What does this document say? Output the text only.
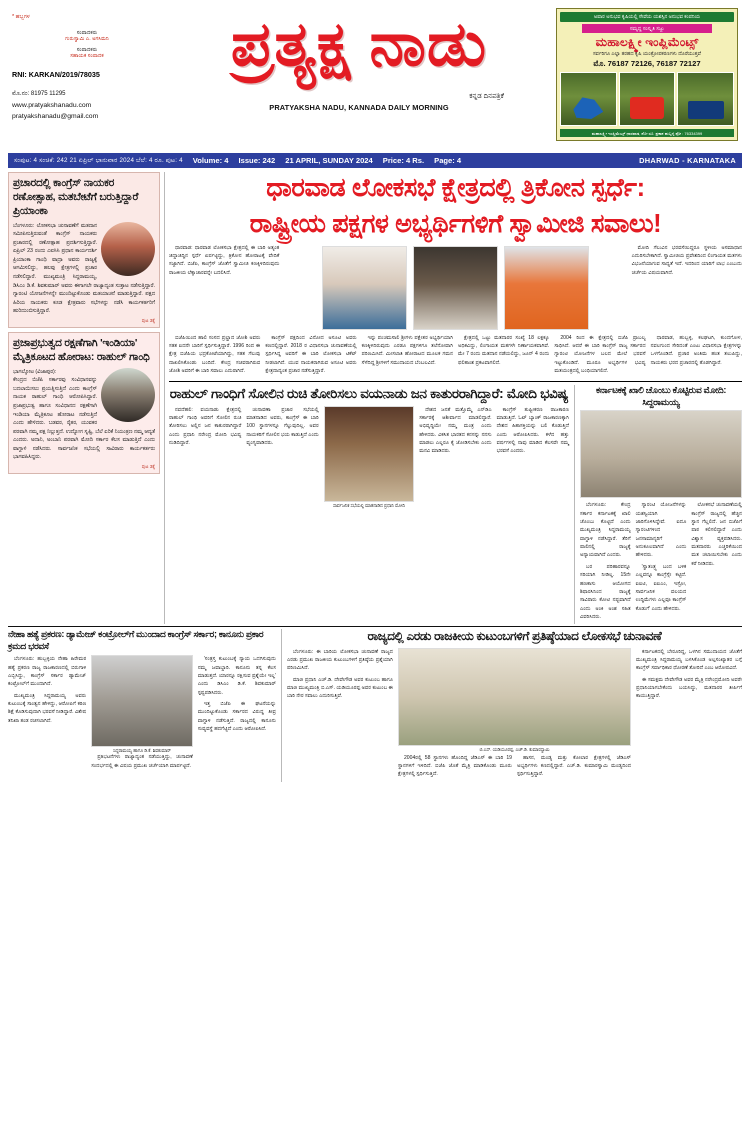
* ಹಬ್ಬಗಳ
ಸಂಪಾದಕರು
ಗುರುಸ್ವಾಮಿ ಎ. ಅಗಸಿಮನಿ
ಸಂಪಾದಕರು
ಸಹಾಯಕ ಸಂಪಾದಕ
RNI: KARKAN/2019/78035
ಮೊ.ನಂ: 81975 11295
www.pratyakshanadu.com
pratyakshanadu@gmail.com
ಪ್ರತ್ಯಕ್ಷ ನಾಡು
ಕನ್ನಡ ದಿನಪತ್ರಿಕೆ
PRATYAKSHA NADU, KANNADA DAILY MORNING
ಅಪಾರ ಅನುಭವ ಕೃಷಿಯಲ್ಲಿ ಸೇವೆಯ ಯಶಸ್ಸಿನ ಅನುಭವ ಕಂಪನಿಯ
ಸಮೃದ್ಧ ಸಂಸ್ಕೃತಿ ಸಜ್ಜು
ಮಹಾಲಕ್ಷ್ಮೀ ಇಂಪ್ಲಿಮೆಂಟ್ಸ್
ಸರ್ವರಿಗೂ ಎಲ್ಲಾ ತರಹದ ಕೃಷಿ ಯಂತ್ರೋಪಕರಣಗಳು ದೊರೆಯುತ್ತವೆ
ಮೊ. 76187 72126, 76187 72127
ಮಹಾಲಕ್ಷ್ಮೀ ಇಂಪ್ಲಿಮೆಂಟ್ಸ್ ಧಾರವಾಡ, ಶೋ ರೂ. ಪ್ರಕಾಶ ಹುಬ್ಬಳ್ಳಿ ಫೋ : 76334399
ಸಂಪುಟ: 4 ಸಂಚಿಕೆ: 242 21 ಏಪ್ರಿಲ್ ಭಾನುವಾರ 2024 ಬೆಲೆ: 4 ರೂ. ಪುಟ: 4 Volume: 4 Issue: 242 21 APRIL, SUNDAY 2024 Price: 4 Rs. Page: 4	DHARWAD - KARNATAKA
ಪ್ರಚಾರದಲ್ಲಿ ಕಾಂಗ್ರೆಸ್ ನಾಯಕರ ರಣೋತ್ಸಾಹ, ಮತಬೇಟೆಗೆ ಬರುತ್ತಿದ್ದಾರೆ ಪ್ರಿಯಾಂಕಾ
ಬೆಂಗಳೂರು: ಲೋಕಸಭಾ ಚುನಾವಣೆಗೆ ಮತದಾನ ಸಮೀಪಿಸುತ್ತಿರುವಂತೆ ಕಾಂಗ್ರೆಸ್ ನಾಯಕರು ಪ್ರಚಾರದಲ್ಲಿ ರಣೋತ್ಸಾಹ ಪ್ರದರ್ಶಿಸುತ್ತಿದ್ದಾರೆ. ಏಪ್ರಿಲ್ 23 ರಂದು ಎಐಸಿಸಿ ಪ್ರಧಾನ ಕಾರ್ಯದರ್ಶಿ ಪ್ರಿಯಾಂಕಾ ಗಾಂಧಿ ವಾದ್ರಾ ಅವರು ರಾಜ್ಯಕ್ಕೆ ಆಗಮಿಸಲಿದ್ದು, ಹಲವು ಕ್ಷೇತ್ರಗಳಲ್ಲಿ ಪ್ರಚಾರ ನಡೆಸಲಿದ್ದಾರೆ. ಮುಖ್ಯಮಂತ್ರಿ ಸಿದ್ದರಾಮಯ್ಯ, ಡಿಸಿಎಂ ಡಿ.ಕೆ. ಶಿವಕುಮಾರ್ ಅವರು ಈಗಾಗಲೇ ರಾಜ್ಯಾದ್ಯಂತ ಸುತ್ತಾಟ ನಡೆಸುತ್ತಿದ್ದಾರೆ. ಗ್ಯಾರಂಟಿ ಯೋಜನೆಗಳನ್ನೇ ಮುಂದಿಟ್ಟುಕೊಂಡು ಮತಯಾಚನೆ ಮಾಡುತ್ತಿದ್ದಾರೆ. ಪಕ್ಷದ ಹಿರಿಯ ನಾಯಕರು ಕೂಡ ಕ್ಷೇತ್ರವಾರು ಸಭೆಗಳನ್ನು ನಡೆಸಿ ಕಾರ್ಯಕರ್ತರಿಗೆ ಹುರಿದುಂಬಿಸುತ್ತಿದ್ದಾರೆ.
ಪುಟ 3ಕ್ಕೆ
ಪ್ರಜಾಪ್ರಭುತ್ವದ ರಕ್ಷಣೆಗಾಗಿ 'ಇಂಡಿಯಾ' ಮೈತ್ರಿಕೂಟದ ಹೋರಾಟ: ರಾಹುಲ್ ಗಾಂಧಿ
ಭಾಗಲ್ಕೋಟ (ವಿಜಾಪುರ):
ಕೇಂದ್ರದ ಬಿಜೆಪಿ ಸರ್ಕಾರವು ಸಂವಿಧಾನವನ್ನು ಬದಲಾಯಿಸಲು ಪ್ರಯತ್ನಿಸುತ್ತಿದೆ ಎಂದು ಕಾಂಗ್ರೆಸ್ ನಾಯಕ ರಾಹುಲ್ ಗಾಂಧಿ ಆರೋಪಿಸಿದ್ದಾರೆ. ಪ್ರಜಾಪ್ರಭುತ್ವ ಹಾಗೂ ಸಂವಿಧಾನದ ರಕ್ಷಣೆಗಾಗಿ ಇಂಡಿಯಾ ಮೈತ್ರಿಕೂಟ ಹೋರಾಟ ನಡೆಸುತ್ತಿದೆ ಎಂದು ಹೇಳಿದರು. ಬಡವರ, ರೈತರ, ಯುವಕರ ಪರವಾಗಿ ನಮ್ಮ ಪಕ್ಷ ನಿಲ್ಲುತ್ತದೆ. ಉದ್ಯೋಗ ಸೃಷ್ಟಿ, ಬೆಲೆ ಏರಿಕೆ ನಿಯಂತ್ರಣ ನಮ್ಮ ಆದ್ಯತೆ ಎಂದರು. ಅದಾನಿ, ಅಂಬಾನಿ ಪರವಾಗಿ ಮೋದಿ ಸರ್ಕಾರ ಕೆಲಸ ಮಾಡುತ್ತಿದೆ ಎಂದು ವಾಗ್ದಾಳಿ ನಡೆಸಿದರು. ಸಾರ್ವಜನಿಕ ಸಭೆಯಲ್ಲಿ ಸಾವಿರಾರು ಕಾರ್ಯಕರ್ತರು ಭಾಗವಹಿಸಿದ್ದರು.
ಪುಟ 3ಕ್ಕೆ
ಧಾರವಾಡ ಲೋಕಸಭೆ ಕ್ಷೇತ್ರದಲ್ಲಿ ತ್ರಿಕೋನ ಸ್ಪರ್ಧೆ:
ರಾಷ್ಟ್ರೀಯ ಪಕ್ಷಗಳ ಅಭ್ಯರ್ಥಿಗಳಿಗೆ ಸ್ವಾಮೀಜಿ ಸವಾಲು!

ಧಾರವಾಡ: ಧಾರವಾಡ ಲೋಕಸಭಾ ಕ್ಷೇತ್ರದಲ್ಲಿ ಈ ಬಾರಿ ಅತ್ಯಂತ ಜಿದ್ದಾಜಿದ್ದಿನ ಸ್ಪರ್ಧೆ ಏರ್ಪಟ್ಟಿದ್ದು, ತ್ರಿಕೋನ ಹೋರಾಟಕ್ಕೆ ವೇದಿಕೆ ಸಜ್ಜಾಗಿದೆ. ಬಿಜೆಪಿ, ಕಾಂಗ್ರೆಸ್ ಜೊತೆಗೆ ಸ್ವಾಮೀಜಿ ಕಣಕ್ಕಿಳಿದಿರುವುದು ರಾಜಕೀಯ ಲೆಕ್ಕಾಚಾರವನ್ನೇ ಬದಲಿಸಿದೆ.

ಮೋದಿ ಗೆಲುವಿನ ಭರವಸೆಯಿದ್ದರೂ ಸ್ಥಳೀಯ ಅಸಮಾಧಾನ ಎದುರಿಸಬೇಕಾಗಿದೆ. ಸ್ವಾಮೀಜಿಯ ಪ್ರವೇಶದಿಂದ ಲಿಂಗಾಯತ ಮತಗಳು ವಿಭಜನೆಯಾಗುವ ಸಾಧ್ಯತೆ ಇದೆ. ಇದರಿಂದ ಯಾರಿಗೆ ಲಾಭ ಎಂಬುದು ಚರ್ಚೆಯ ವಿಷಯವಾಗಿದೆ.

ಬಿಜೆಪಿಯಿಂದ ಹಾಲಿ ಸಂಸದ ಪ್ರಲ್ಹಾದ ಜೋಶಿ ಅವರು ಸತತ ಐದನೇ ಬಾರಿಗೆ ಸ್ಪರ್ಧಿಸುತ್ತಿದ್ದಾರೆ. 1996 ರಿಂದ ಈ ಕ್ಷೇತ್ರ ಬಿಜೆಪಿಯ ಭದ್ರಕೋಟೆಯಾಗಿದ್ದು, ಸತತ ಗೆಲುವು ದಾಖಲಿಸಿಕೊಂಡು ಬಂದಿದೆ. ಕೇಂದ್ರ ಸಚಿವರಾಗಿರುವ ಜೋಶಿ ಅವರಿಗೆ ಈ ಬಾರಿ ಸವಾಲು ಎದುರಾಗಿದೆ.

ಕಾಂಗ್ರೆಸ್ ಪಕ್ಷದಿಂದ ವಿನೋದ ಅಸೂಟಿ ಅವರು ಕಣದಲ್ಲಿದ್ದಾರೆ. 2018 ರ ವಿಧಾನಸಭಾ ಚುನಾವಣೆಯಲ್ಲಿ ಸ್ಪರ್ಧಿಸಿದ್ದ ಅವರಿಗೆ ಈ ಬಾರಿ ಲೋಕಸಭಾ ಟಿಕೆಟ್ ನೀಡಲಾಗಿದೆ. ಯುವ ನಾಯಕರಾಗಿರುವ ಅಸೂಟಿ ಅವರು ಕ್ಷೇತ್ರದಾದ್ಯಂತ ಪ್ರಚಾರ ನಡೆಸುತ್ತಿದ್ದಾರೆ.

ಇನ್ನು ಪಂಚಮಸಾಲಿ ಶ್ರೀಗಳು ಪಕ್ಷೇತರ ಅಭ್ಯರ್ಥಿಯಾಗಿ ಕಣಕ್ಕಿಳಿದಿರುವುದು ಎರಡೂ ಪಕ್ಷಗಳಿಗೂ ತಲೆನೋವಾಗಿ ಪರಿಣಮಿಸಿದೆ. ಮೀಸಲಾತಿ ಹೋರಾಟದ ಮೂಲಕ ಗಮನ ಸೆಳೆದಿದ್ದ ಶ್ರೀಗಳಿಗೆ ಸಮುದಾಯದ ಬೆಂಬಲವಿದೆ.

ಕ್ಷೇತ್ರದಲ್ಲಿ ಒಟ್ಟು ಮತದಾರರ ಸಂಖ್ಯೆ 18 ಲಕ್ಷಕ್ಕೂ ಅಧಿಕವಿದ್ದು, ಲಿಂಗಾಯತ ಮತಗಳೇ ನಿರ್ಣಾಯಕವಾಗಿವೆ. ಮೇ 7 ರಂದು ಮತದಾನ ನಡೆಯಲಿದ್ದು, ಜೂನ್ 4 ರಂದು ಫಲಿತಾಂಶ ಪ್ರಕಟವಾಗಲಿದೆ.

2004 ರಿಂದ ಈ ಕ್ಷೇತ್ರದಲ್ಲಿ ಬಿಜೆಪಿ ಪ್ರಾಬಲ್ಯ ಸಾಧಿಸಿದೆ. ಆದರೆ ಈ ಬಾರಿ ಕಾಂಗ್ರೆಸ್ ರಾಜ್ಯ ಸರ್ಕಾರದ ಗ್ಯಾರಂಟಿ ಯೋಜನೆಗಳ ಬಲದ ಮೇಲೆ ಭರವಸೆ ಇಟ್ಟುಕೊಂಡಿದೆ. ಮೂರೂ ಅಭ್ಯರ್ಥಿಗಳ ಭವಿಷ್ಯ ಮತಯಂತ್ರದಲ್ಲಿ ಬಂಧಿಯಾಗಲಿದೆ.

ಧಾರವಾಡ, ಹುಬ್ಬಳ್ಳಿ, ಕಲಘಟಗಿ, ಕುಂದಗೋಳ, ನವಲಗುಂದ ಸೇರಿದಂತೆ ಎಂಟು ವಿಧಾನಸಭಾ ಕ್ಷೇತ್ರಗಳನ್ನು ಒಳಗೊಂಡಿದೆ. ಪ್ರಚಾರ ಅಂತಿಮ ಹಂತ ತಲುಪಿದ್ದು, ನಾಯಕರು ಭರದ ಪ್ರಚಾರದಲ್ಲಿ ತೊಡಗಿದ್ದಾರೆ.

ರಾಹುಲ್ ಗಾಂಧಿಗೆ ಸೋಲಿನ ರುಚಿ ತೋರಿಸಲು ವಯನಾಡು ಜನ ಕಾತುರರಾಗಿದ್ದಾರೆ: ಮೋದಿ ಭವಿಷ್ಯ

ನವದೆಹಲಿ: ವಯನಾಡು ಕ್ಷೇತ್ರದಲ್ಲಿ ರಾಹುಲ್ ಗಾಂಧಿ ಅವರಿಗೆ ಸೋಲಿನ ರುಚಿ ತೋರಿಸಲು ಅಲ್ಲಿನ ಜನ ಕಾತುರರಾಗಿದ್ದಾರೆ ಎಂದು ಪ್ರಧಾನಿ ನರೇಂದ್ರ ಮೋದಿ ಭವಿಷ್ಯ ನುಡಿದಿದ್ದಾರೆ.

ಚುನಾವಣಾ ಪ್ರಚಾರ ಸಭೆಯಲ್ಲಿ ಮಾತನಾಡಿದ ಅವರು, ಕಾಂಗ್ರೆಸ್ ಈ ಬಾರಿ 100 ಸ್ಥಾನಗಳನ್ನೂ ಗೆಲ್ಲುವುದಿಲ್ಲ. ಅವರ ನಾಯಕರಿಗೆ ಸೋಲಿನ ಭಯ ಕಾಡುತ್ತಿದೆ ಎಂದು ವ್ಯಂಗ್ಯವಾಡಿದರು.

ಸಾರ್ವಜನಿಕ ಸಭೆಯಲ್ಲಿ ಮಾತನಾಡಿದ ಪ್ರಧಾನಿ ಮೋದಿ

ದೇಶದ ಜನತೆ ಮತ್ತೊಮ್ಮೆ ಎನ್‌ಡಿಎ ಸರ್ಕಾರಕ್ಕೆ ಆಶೀರ್ವಾದ ಮಾಡಲಿದ್ದಾರೆ. ಅಭಿವೃದ್ಧಿಯೇ ನಮ್ಮ ಮಂತ್ರ ಎಂದು ಹೇಳಿದರು. ವಿಕಸಿತ ಭಾರತದ ಕನಸನ್ನು ನನಸು ಮಾಡಲು ಎಲ್ಲರೂ ಕೈ ಜೋಡಿಸಬೇಕು ಎಂದು ಮನವಿ ಮಾಡಿದರು.

ಕಾಂಗ್ರೆಸ್ ತುಷ್ಟೀಕರಣ ರಾಜಕಾರಣ ಮಾಡುತ್ತಿದೆ. ಓಟ್ ಬ್ಯಾಂಕ್ ರಾಜಕಾರಣಕ್ಕಾಗಿ ದೇಶದ ಹಿತಾಸಕ್ತಿಯನ್ನು ಬಲಿ ಕೊಡುತ್ತಿದೆ ಎಂದು ಆರೋಪಿಸಿದರು. ಕಳೆದ ಹತ್ತು ವರ್ಷಗಳಲ್ಲಿ ನಾವು ಮಾಡಿದ ಕೆಲಸವೇ ನಮ್ಮ ಭರವಸೆ ಎಂದರು.

ಕರ್ನಾಟಕಕ್ಕೆ ಖಾಲಿ ಚೊಂಬು ಕೊಟ್ಟಿರುವ ಮೋದಿ: ಸಿದ್ದರಾಮಯ್ಯ

ಬೆಂಗಳೂರು: ಕೇಂದ್ರ ಸರ್ಕಾರ ಕರ್ನಾಟಕಕ್ಕೆ ಖಾಲಿ ಚೊಂಬು ಕೊಟ್ಟಿದೆ ಎಂದು ಮುಖ್ಯಮಂತ್ರಿ ಸಿದ್ದರಾಮಯ್ಯ ವಾಗ್ದಾಳಿ ನಡೆಸಿದ್ದಾರೆ. ತೆರಿಗೆ ಪಾಲಿನಲ್ಲಿ ರಾಜ್ಯಕ್ಕೆ ಅನ್ಯಾಯವಾಗಿದೆ ಎಂದರು.

ಬರ ಪರಿಹಾರವನ್ನೂ ಸರಿಯಾಗಿ ನೀಡಿಲ್ಲ. 15ನೇ ಹಣಕಾಸು ಆಯೋಗದ ಶಿಫಾರಸಿನಿಂದ ರಾಜ್ಯಕ್ಕೆ ಸಾವಿರಾರು ಕೋಟಿ ನಷ್ಟವಾಗಿದೆ ಎಂದು ಅಂಕಿ ಅಂಶ ಸಹಿತ ವಿವರಿಸಿದರು.

ಗ್ಯಾರಂಟಿ ಯೋಜನೆಗಳನ್ನು ಯಶಸ್ವಿಯಾಗಿ ಜಾರಿಗೊಳಿಸಿದ್ದೇವೆ. ಐದೂ ಗ್ಯಾರಂಟಿಗಳಿಂದ ಜನಸಾಮಾನ್ಯರಿಗೆ ಅನುಕೂಲವಾಗಿದೆ ಎಂದು ಹೇಳಿದರು.

'ಸ್ವಾತಂತ್ರ್ಯ ಬಂದ ಬಳಿಕ ಎಲ್ಲವನ್ನೂ ಕಾಂಗ್ರೆಸ್ಸೇ ಕಟ್ಟಿದೆ. ಐಐಟಿ, ಐಐಎಂ, ಇಸ್ರೋ, ಸಾರ್ವಜನಿಕ ವಲಯದ ಉದ್ದಿಮೆಗಳು ಎಲ್ಲವೂ ಕಾಂಗ್ರೆಸ್ ಕೊಡುಗೆ' ಎಂದು ಹೇಳಿದರು.

ಲೋಕಸಭೆ ಚುನಾವಣೆಯಲ್ಲಿ ಕಾಂಗ್ರೆಸ್ ರಾಜ್ಯದಲ್ಲಿ ಹೆಚ್ಚಿನ ಸ್ಥಾನ ಗೆಲ್ಲಲಿದೆ. ಜನ ಬಿಜೆಪಿಗೆ ಪಾಠ ಕಲಿಸಲಿದ್ದಾರೆ ಎಂದು ವಿಶ್ವಾಸ ವ್ಯಕ್ತಪಡಿಸಿದರು. ಮತದಾರರು ಎಚ್ಚರಿಕೆಯಿಂದ ಮತ ಚಲಾಯಿಸಬೇಕು ಎಂದು ಕರೆ ನೀಡಿದರು.

ನೇಹಾ ಹತ್ಯೆ ಪ್ರಕರಣ: ಡ್ಯಾಮೇಜ್ ಕಂಟ್ರೋಲ್‌ಗೆ ಮುಂದಾದ ಕಾಂಗ್ರೆಸ್ ಸರ್ಕಾರ; ಕಾನೂನು ಪ್ರಕಾರ ಕ್ರಮದ ಭರವಸೆ

ಬೆಂಗಳೂರು: ಹುಬ್ಬಳ್ಳಿಯ ನೇಹಾ ಹಿರೇಮಠ ಹತ್ಯೆ ಪ್ರಕರಣ ರಾಜ್ಯ ರಾಜಕಾರಣದಲ್ಲಿ ಬಿರುಗಾಳಿ ಎಬ್ಬಿಸಿದ್ದು, ಕಾಂಗ್ರೆಸ್ ಸರ್ಕಾರ ಡ್ಯಾಮೇಜ್ ಕಂಟ್ರೋಲ್‌ಗೆ ಮುಂದಾಗಿದೆ.

ಮುಖ್ಯಮಂತ್ರಿ ಸಿದ್ದರಾಮಯ್ಯ ಅವರು ಕುಟುಂಬಕ್ಕೆ ಸಾಂತ್ವನ ಹೇಳಿದ್ದು, ಆರೋಪಿಗೆ ಕಠಿಣ ಶಿಕ್ಷೆ ಕೊಡಿಸುವುದಾಗಿ ಭರವಸೆ ನೀಡಿದ್ದಾರೆ. ವಿಶೇಷ ತನಿಖಾ ತಂಡ ರಚಿಸಲಾಗಿದೆ.

ಸಿದ್ದರಾಮಯ್ಯ ಹಾಗೂ ಡಿ.ಕೆ. ಶಿವಕುಮಾರ್

ಪ್ರತಿಭಟನೆಗಳು ರಾಜ್ಯಾದ್ಯಂತ ನಡೆಯುತ್ತಿದ್ದು, ಚುನಾವಣೆ ಸಂದರ್ಭದಲ್ಲಿ ಈ ವಿಷಯ ಪ್ರಮುಖ ಚರ್ಚೆಯಾಗಿ ಮಾರ್ಪಟ್ಟಿದೆ.

'ಸಂತ್ರಸ್ತ ಕುಟುಂಬಕ್ಕೆ ನ್ಯಾಯ ಒದಗಿಸುವುದು ನಮ್ಮ ಜವಾಬ್ದಾರಿ. ಕಾನೂನು ತನ್ನ ಕೆಲಸ ಮಾಡುತ್ತದೆ. ಯಾರನ್ನೂ ರಕ್ಷಿಸುವ ಪ್ರಶ್ನೆಯೇ ಇಲ್ಲ' ಎಂದು ಡಿಸಿಎಂ ಡಿ.ಕೆ. ಶಿವಕುಮಾರ್ ಸ್ಪಷ್ಟಪಡಿಸಿದರು.

ಇತ್ತ ಬಿಜೆಪಿ ಈ ಘಟನೆಯನ್ನು ಮುಂದಿಟ್ಟುಕೊಂಡು ಸರ್ಕಾರದ ವಿರುದ್ಧ ತೀವ್ರ ವಾಗ್ದಾಳಿ ನಡೆಸುತ್ತಿದೆ. ರಾಜ್ಯದಲ್ಲಿ ಕಾನೂನು ಸುವ್ಯವಸ್ಥೆ ಹದಗೆಟ್ಟಿದೆ ಎಂದು ಆರೋಪಿಸಿದೆ.

ರಾಜ್ಯದಲ್ಲಿ ಎರಡು ರಾಜಕೀಯ ಕುಟುಂಬಗಳಿಗೆ ಪ್ರತಿಷ್ಠೆಯಾದ ಲೋಕಸಭೆ ಚುನಾವಣೆ

ಬೆಂಗಳೂರು: ಈ ಬಾರಿಯ ಲೋಕಸಭಾ ಚುನಾವಣೆ ರಾಜ್ಯದ ಎರಡು ಪ್ರಮುಖ ರಾಜಕೀಯ ಕುಟುಂಬಗಳಿಗೆ ಪ್ರತಿಷ್ಠೆಯ ಪ್ರಶ್ನೆಯಾಗಿ ಪರಿಣಮಿಸಿದೆ.

ಮಾಜಿ ಪ್ರಧಾನಿ ಎಚ್.ಡಿ. ದೇವೇಗೌಡ ಅವರ ಕುಟುಂಬ ಹಾಗೂ ಮಾಜಿ ಮುಖ್ಯಮಂತ್ರಿ ಬಿ.ಎಸ್. ಯಡಿಯೂರಪ್ಪ ಅವರ ಕುಟುಂಬ ಈ ಬಾರಿ ನೇರ ಸವಾಲು ಎದುರಿಸುತ್ತಿವೆ.

ಬಿ.ಎಸ್. ಯಡಿಯೂರಪ್ಪ, ಎಚ್.ಡಿ. ಕುಮಾರಸ್ವಾಮಿ

2004ರಲ್ಲಿ 58 ಸ್ಥಾನಗಳು ಹೊಂದಿದ್ದ ಜೆಡಿಎಸ್ ಈ ಬಾರಿ 19 ಸ್ಥಾನಗಳಿಗೆ ಇಳಿದಿದೆ. ಬಿಜೆಪಿ ಜೊತೆ ಮೈತ್ರಿ ಮಾಡಿಕೊಂಡು ಮೂರು ಕ್ಷೇತ್ರಗಳಲ್ಲಿ ಸ್ಪರ್ಧಿಸುತ್ತಿದೆ.

ಹಾಸನ, ಮಂಡ್ಯ ಮತ್ತು ಕೋಲಾರ ಕ್ಷೇತ್ರಗಳಲ್ಲಿ ಜೆಡಿಎಸ್ ಅಭ್ಯರ್ಥಿಗಳು ಕಣದಲ್ಲಿದ್ದಾರೆ. ಎಚ್.ಡಿ. ಕುಮಾರಸ್ವಾಮಿ ಮಂಡ್ಯದಿಂದ ಸ್ಪರ್ಧಿಸುತ್ತಿದ್ದಾರೆ.

ಕರ್ನಾಟಕದಲ್ಲಿ ಬೇರೂರಿದ್ದ, ಒಳಗಿನ ಸಮುದಾಯದ ಜೊತೆಗೆ ಮುಖ್ಯಮಂತ್ರಿ ಸಿದ್ದರಾಮಯ್ಯ ಬಳಸಿಕೊಂಡ ಅಲ್ಪಸಂಖ್ಯಾತರ ಬಗ್ಗೆ ಕಾಂಗ್ರೆಸ್ ಸರ್ವಾಧಿಕಾರ ಧೋರಣೆ ತೋರಿದೆ ಎಂಬ ಆರೋಪವಿದೆ.

ಈ ಸಮಕ್ಷಮ ದೇವೇಗೌಡ ಅವರ ಮೈತ್ರಿ ನರೇಂದ್ರಮೋದಿ ಅವರೇ ಪ್ರಧಾನಿಯಾಗಬೇಕೆಂದು ಬಯಸಿದ್ದು, ಮತದಾರರ ತೀರ್ಪಿಗೆ ಕಾಯುತ್ತಿದ್ದಾರೆ.
